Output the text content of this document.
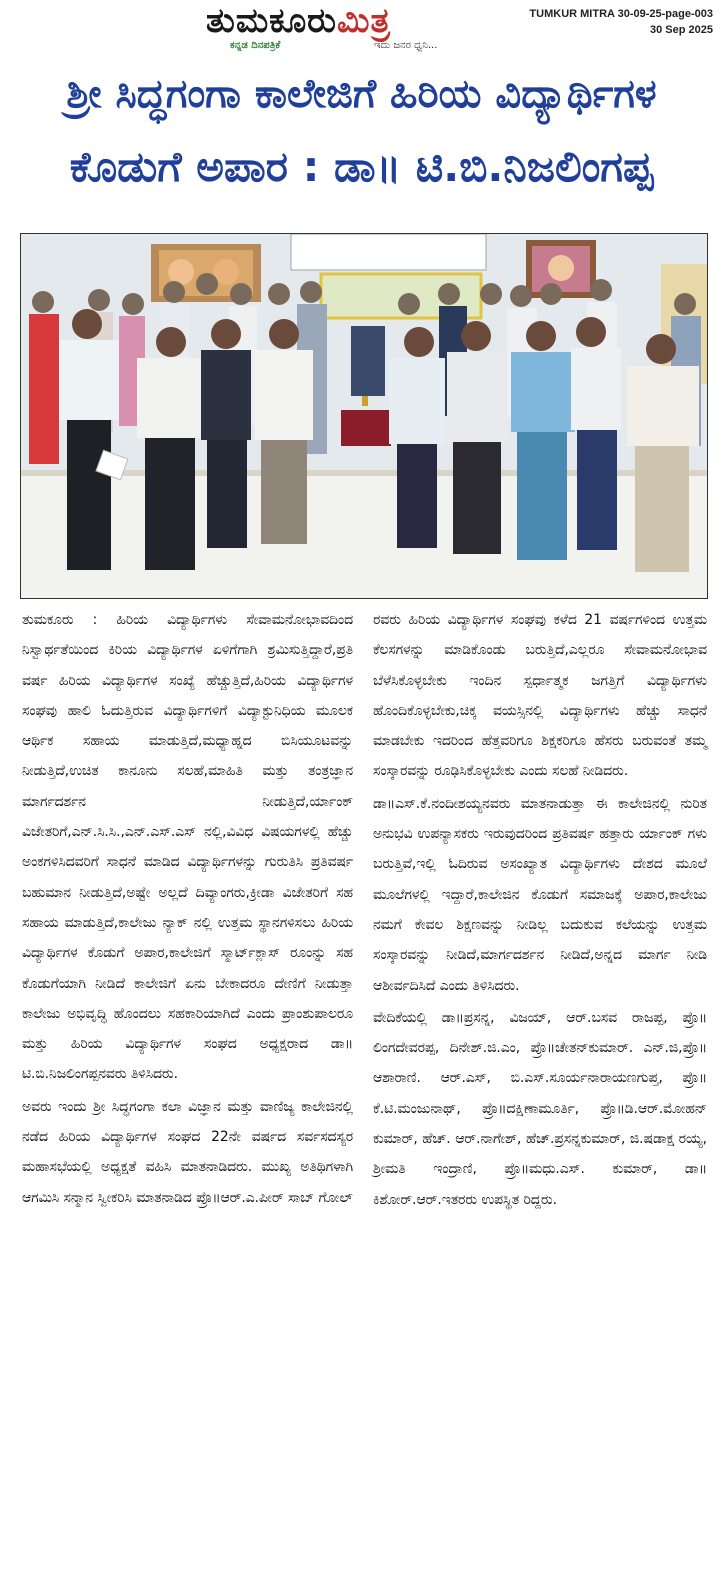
ತುಮಕೂರುಮಿತ್ರ
ಕನ್ನಡ ದಿನಪತ್ರಿಕೆ	ಇದು ಜನರ ಧ್ವನಿ...
TUMKUR MITRA 30-09-25-page-003
30 Sep 2025
ಶ್ರೀ ಸಿದ್ಧಗಂಗಾ ಕಾಲೇಜಿಗೆ ಹಿರಿಯ ವಿದ್ಯಾರ್ಥಿಗಳ
ಕೊಡುಗೆ ಅಪಾರ : ಡಾ॥ ಟಿ.ಬಿ.ನಿಜಲಿಂಗಪ್ಪ

ತುಮಕೂರು : ಹಿರಿಯ ವಿದ್ಯಾರ್ಥಿಗಳು ಸೇವಾಮನೋಭಾವದಿಂದ ನಿಸ್ವಾರ್ಥತೆಯಿಂದ ಕಿರಿಯ ವಿದ್ಯಾರ್ಥಿಗಳ ಏಳಿಗೆಗಾಗಿ ಶ್ರಮಿಸುತ್ತಿದ್ದಾರೆ,ಪ್ರತಿ ವರ್ಷ ಹಿರಿಯ ವಿದ್ಯಾರ್ಥಿಗಳ ಸಂಖ್ಯೆ ಹೆಚ್ಚುತ್ತಿದೆ,ಹಿರಿಯ ವಿದ್ಯಾರ್ಥಿಗಳ ಸಂಘವು ಹಾಲಿ ಓದುತ್ತಿರುವ ವಿದ್ಯಾರ್ಥಿಗಳಿಗೆ ವಿದ್ಯಾಕ್ಟುನಿಧಿಯ ಮೂಲಕ ಆರ್ಥಿಕ ಸಹಾಯ ಮಾಡುತ್ತಿದೆ,ಮಧ್ಯಾಹ್ನದ ಬಿಸಿಯೂಟವನ್ನು ನೀಡುತ್ತಿದೆ,ಉಚಿತ ಕಾನೂನು ಸಲಹೆ,ಮಾಹಿತಿ ಮತ್ತು ತಂತ್ರಜ್ಞಾನ ಮಾರ್ಗದರ್ಶನ ನೀಡುತ್ತಿದೆ,ರ್ಯಾಂಕ್ ವಿಜೇತರಿಗೆ,ಎನ್.ಸಿ.ಸಿ.,ಎನ್.ಎಸ್.ಎಸ್ ನಲ್ಲಿ,ವಿವಿಧ ವಿಷಯಗಳಲ್ಲಿ ಹೆಚ್ಚು ಅಂಕಗಳಿಸಿದವರಿಗೆ ಸಾಧನೆ ಮಾಡಿದ ವಿದ್ಯಾರ್ಥಿಗಳನ್ನು ಗುರುತಿಸಿ ಪ್ರತಿವರ್ಷ ಬಹುಮಾನ ನೀಡುತ್ತಿದೆ,ಅಷ್ಟೇ ಅಲ್ಲದೆ ದಿವ್ಯಾಂಗರು,ಕ್ರೀಡಾ ವಿಜೇತರಿಗೆ ಸಹ ಸಹಾಯ ಮಾಡುತ್ತಿದೆ,ಕಾಲೇಜು ನ್ಯಾಕ್ ನಲ್ಲಿ ಉತ್ತಮ ಸ್ಥಾನಗಳಿಸಲು ಹಿರಿಯ ವಿದ್ಯಾರ್ಥಿಗಳ ಕೊಡುಗೆ ಅಪಾರ,ಕಾಲೇಜಿಗೆ ಸ್ಮಾರ್ಟ್‌ಕ್ಲಾಸ್ ರೂಂನ್ನು ಸಹ ಕೊಡುಗೆಯಾಗಿ ನೀಡಿದೆ ಕಾಲೇಜಿಗೆ ಏನು ಬೇಕಾದರೂ ದೇಣಿಗೆ ನೀಡುತ್ತಾ ಕಾಲೇಜು ಅಭಿವೃದ್ಧಿ ಹೊಂದಲು ಸಹಕಾರಿಯಾಗಿದೆ ಎಂದು ಪ್ರಾಂಶುಪಾಲರೂ ಮತ್ತು ಹಿರಿಯ ವಿದ್ಯಾರ್ಥಿಗಳ ಸಂಘದ ಅಧ್ಯಕ್ಷರಾದ ಡಾ॥ಟಿ.ಬಿ.ನಿಜಲಿಂಗಪ್ಪನವರು ತಿಳಿಸಿದರು.

ಅವರು ಇಂದು ಶ್ರೀ ಸಿದ್ಧಗಂಗಾ ಕಲಾ ವಿಜ್ಞಾನ ಮತ್ತು ವಾಣಿಜ್ಯ ಕಾಲೇಜಿನಲ್ಲಿ ನಡೆದ ಹಿರಿಯ ವಿದ್ಯಾರ್ಥಿಗಳ ಸಂಘದ 22ನೇ ವರ್ಷದ ಸರ್ವಸದಸ್ಯರ ಮಹಾಸಭೆಯಲ್ಲಿ ಅಧ್ಯಕ್ಷತೆ ವಹಿಸಿ ಮಾತನಾಡಿದರು. ಮುಖ್ಯ ಅತಿಥಿಗಳಾಗಿ ಆಗಮಿಸಿ ಸನ್ಮಾನ ಸ್ವೀಕರಿಸಿ ಮಾತನಾಡಿದ ಪ್ರೊ॥ಆರ್.ಎ.ಪೀರ್ ಸಾಬ್ ಗೋಲ್

ರವರು ಹಿರಿಯ ವಿದ್ಯಾರ್ಥಿಗಳ ಸಂಘವು ಕಳೆದ 21 ವರ್ಷಗಳಿಂದ ಉತ್ತಮ ಕೆಲಸಗಳನ್ನು ಮಾಡಿಕೊಂಡು ಬರುತ್ತಿದೆ,ಎಲ್ಲರೂ ಸೇವಾಮನೋಭಾವ ಬೆಳೆಸಿಕೊಳ್ಳಬೇಕು ಇಂದಿನ ಸ್ಪರ್ಧಾತ್ಮಕ ಜಗತ್ತಿಗೆ ವಿದ್ಯಾರ್ಥಿಗಳು ಹೊಂದಿಕೊಳ್ಳಬೇಕು,ಚಿಕ್ಕ ವಯಸ್ಸಿನಲ್ಲಿ ವಿದ್ಯಾರ್ಥಿಗಳು ಹೆಚ್ಚು ಸಾಧನೆ ಮಾಡಬೇಕು ಇದರಿಂದ ಹೆತ್ತವರಿಗೂ ಶಿಕ್ಷಕರಿಗೂ ಹೆಸರು ಬರುವಂತೆ ತಮ್ಮ ಸಂಸ್ಕಾರವನ್ನು ರೂಢಿಸಿಕೊಳ್ಳಬೇಕು ಎಂದು ಸಲಹೆ ನೀಡಿದರು.

ಡಾ॥ಎಸ್.ಕೆ.ನಂದೀಶಯ್ಯನವರು ಮಾತನಾಡುತ್ತಾ ಈ ಕಾಲೇಜಿನಲ್ಲಿ ನುರಿತ ಅನುಭವಿ ಉಪನ್ಯಾಸಕರು ಇರುವುದರಿಂದ ಪ್ರತಿವರ್ಷ ಹತ್ತಾರು ರ್ಯಾಂಕ್ ಗಳು ಬರುತ್ತಿವೆ,ಇಲ್ಲಿ ಓದಿರುವ ಅಸಂಖ್ಯಾತ ವಿದ್ಯಾರ್ಥಿಗಳು ದೇಶದ ಮೂಲೆ ಮೂಲೆಗಳಲ್ಲಿ ಇದ್ದಾರೆ,ಕಾಲೇಜಿನ ಕೊಡುಗೆ ಸಮಾಜಕ್ಕೆ ಅಪಾರ,ಕಾಲೇಜು ನಮಗೆ ಕೇವಲ ಶಿಕ್ಷಣವನ್ನು ನೀಡಿಲ್ಲ ಬದುಕುವ ಕಲೆಯನ್ನು ಉತ್ತಮ ಸಂಸ್ಕಾರವನ್ನು ನೀಡಿದೆ,ಮಾರ್ಗದರ್ಶನ ನೀಡಿದೆ,ಅನ್ನದ ಮಾರ್ಗ ನೀಡಿ ಆಶೀರ್ವದಿಸಿದೆ ಎಂದು ತಿಳಿಸಿದರು.

ವೇದಿಕೆಯಲ್ಲಿ ಡಾ॥ಪ್ರಸನ್ನ, ವಿಜಯ್, ಆರ್.ಬಸವ ರಾಜಪ್ಪ, ಪ್ರೊ॥ಲಿಂಗದೇವರಪ್ಪ, ದಿನೇಶ್.ಜಿ.ಎಂ, ಪ್ರೊ॥ಚೇತನ್‌ಕುಮಾರ್. ಎನ್.ಜಿ,ಪ್ರೊ॥ಆಶಾರಾಣಿ. ಆರ್.ಎಸ್, ಬಿ.ಎಸ್.ಸೂರ್ಯನಾರಾಯಣಗುಪ್ತ, ಪ್ರೊ॥ಕೆ.ಟಿ.ಮಂಜುನಾಥ್, ಪ್ರೊ॥ದಕ್ಷಿಣಾಮೂರ್ತಿ, ಪ್ರೊ॥ಡಿ.ಆರ್.ಮೋಹನ್ ಕುಮಾರ್, ಹೆಚ್. ಆರ್.ನಾಗೇಶ್, ಹೆಚ್.ಪ್ರಸನ್ನಕುಮಾರ್, ಜಿ.ಷಡಾಕ್ಷ ರಯ್ಯ, ಶ್ರೀಮತಿ ಇಂದ್ರಾಣಿ, ಪ್ರೊ॥ಮಧು.ಎಸ್. ಕುಮಾರ್, ಡಾ॥ಕಿಶೋರ್.ಆರ್.ಇತರರು ಉಪಸ್ಥಿತ ರಿದ್ದರು.
